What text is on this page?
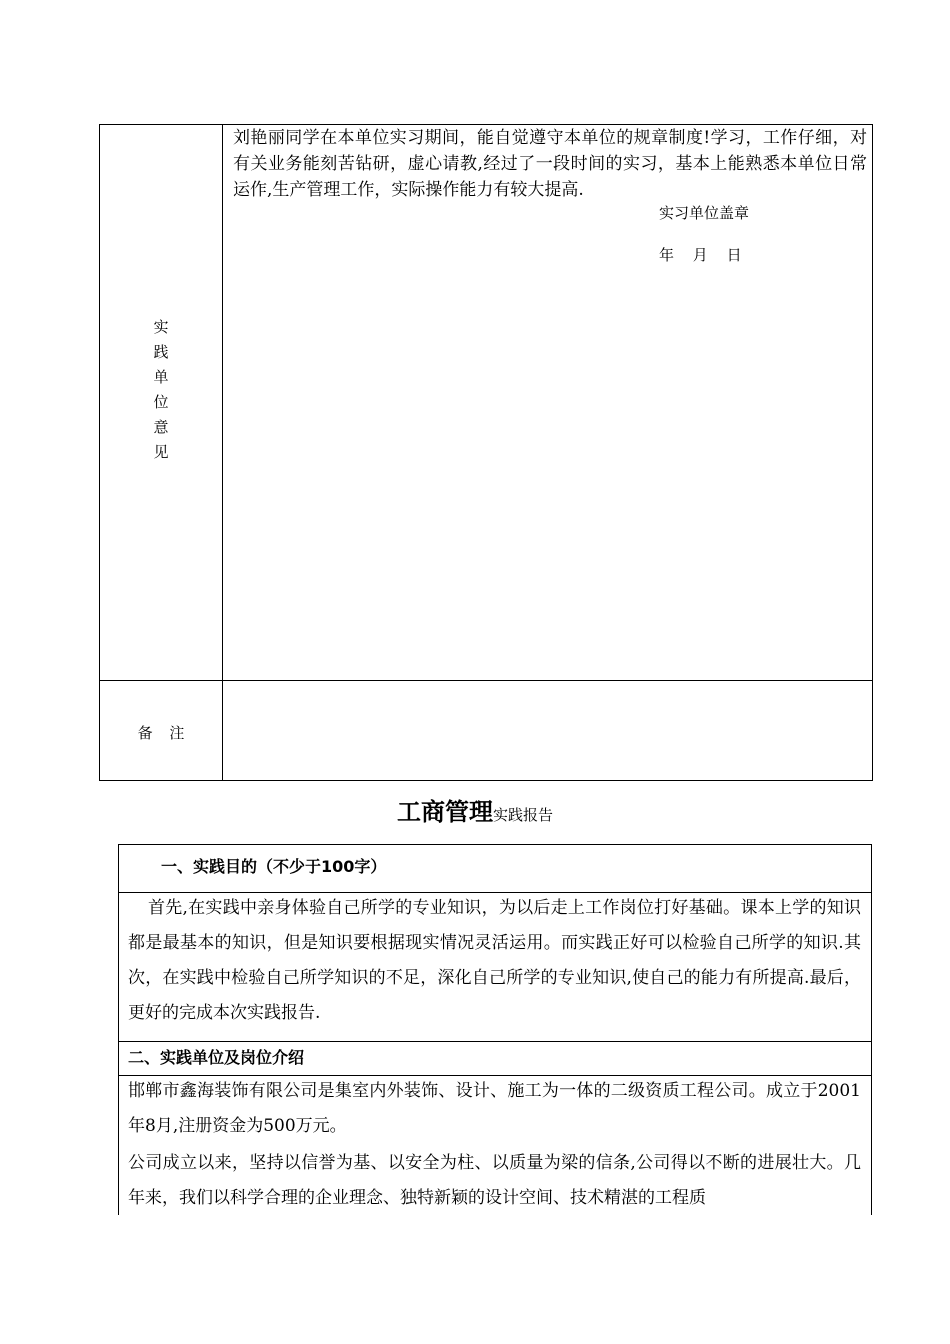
实
践
单
位
意
见
刘艳丽同学在本单位实习期间，能自觉遵守本单位的规章制度!学习，工作仔细，对有关业务能刻苦钻研，虚心请教,经过了一段时间的实习，基本上能熟悉本单位日常运作,生产管理工作，实际操作能力有较大提高.
实习单位盖章
年 月 日
备 注
工商管理实践报告
一、实践目的（不少于100字）
首先,在实践中亲身体验自己所学的专业知识，为以后走上工作岗位打好基础。课本上学的知识都是最基本的知识，但是知识要根据现实情况灵活运用。而实践正好可以检验自己所学的知识.其次，在实践中检验自己所学知识的不足，深化自己所学的专业知识,使自己的能力有所提高.最后，更好的完成本次实践报告.
二、实践单位及岗位介绍
邯郸市鑫海装饰有限公司是集室内外装饰、设计、施工为一体的二级资质工程公司。成立于2001年8月,注册资金为500万元。
公司成立以来，坚持以信誉为基、以安全为柱、以质量为梁的信条,公司得以不断的进展壮大。几年来，我们以科学合理的企业理念、独特新颖的设计空间、技术精湛的工程质
